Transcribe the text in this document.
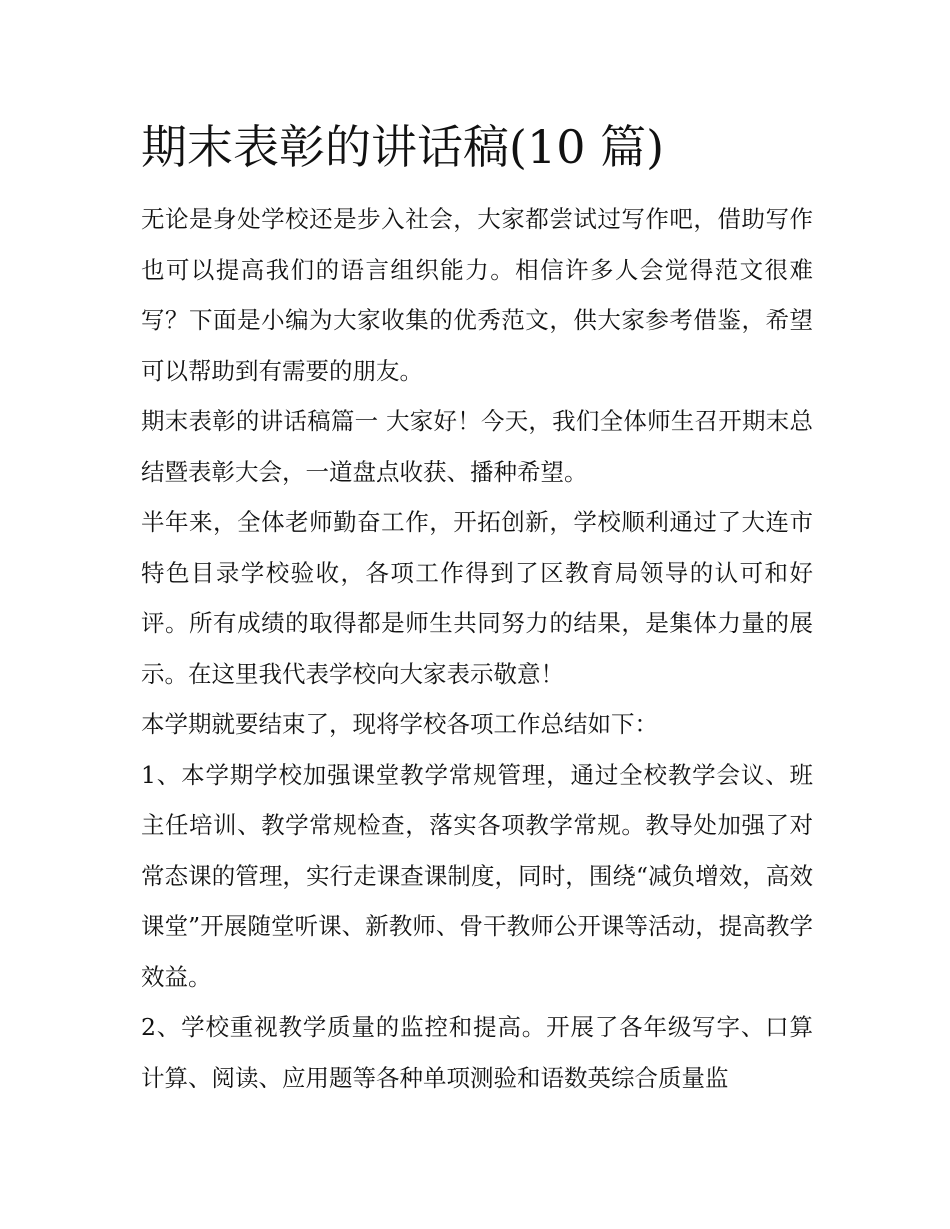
期末表彰的讲话稿(10 篇)

无论是身处学校还是步入社会，大家都尝试过写作吧，借助写作也可以提高我们的语言组织能力。相信许多人会觉得范文很难写？下面是小编为大家收集的优秀范文，供大家参考借鉴，希望可以帮助到有需要的朋友。

期末表彰的讲话稿篇一 大家好！今天，我们全体师生召开期末总结暨表彰大会，一道盘点收获、播种希望。

半年来，全体老师勤奋工作，开拓创新，学校顺利通过了大连市特色目录学校验收，各项工作得到了区教育局领导的认可和好评。所有成绩的取得都是师生共同努力的结果，是集体力量的展示。在这里我代表学校向大家表示敬意！

本学期就要结束了，现将学校各项工作总结如下：

1、本学期学校加强课堂教学常规管理，通过全校教学会议、班主任培训、教学常规检查，落实各项教学常规。教导处加强了对常态课的管理，实行走课查课制度，同时，围绕“减负增效，高效课堂”开展随堂听课、新教师、骨干教师公开课等活动，提高教学效益。

2、学校重视教学质量的监控和提高。开展了各年级写字、口算计算、阅读、应用题等各种单项测验和语数英综合质量监
